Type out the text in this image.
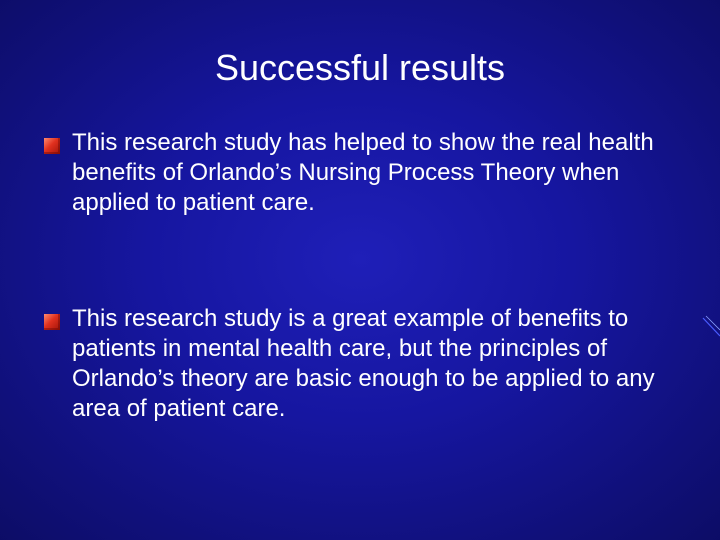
Successful results
This research study has helped to show the real health benefits of Orlando’s Nursing Process Theory when applied to patient care.
This research study is a great example of benefits to patients in mental health care, but the principles of Orlando’s theory are basic enough to be applied to any area of patient care.
